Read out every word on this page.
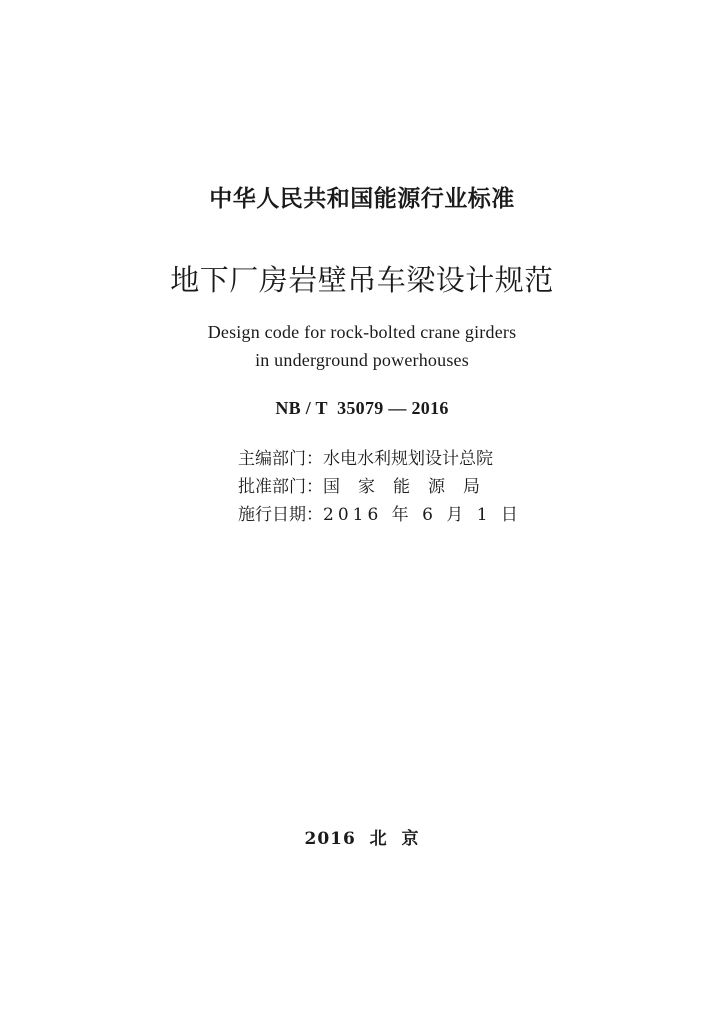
中华人民共和国能源行业标准
地下厂房岩壁吊车梁设计规范
Design code for rock-bolted crane girders
in underground powerhouses
NB / T  35079 — 2016
主编部门：水电水利规划设计总院
批准部门：国家能源局
施行日期：2016 年 6 月 1 日
2016  北  京
